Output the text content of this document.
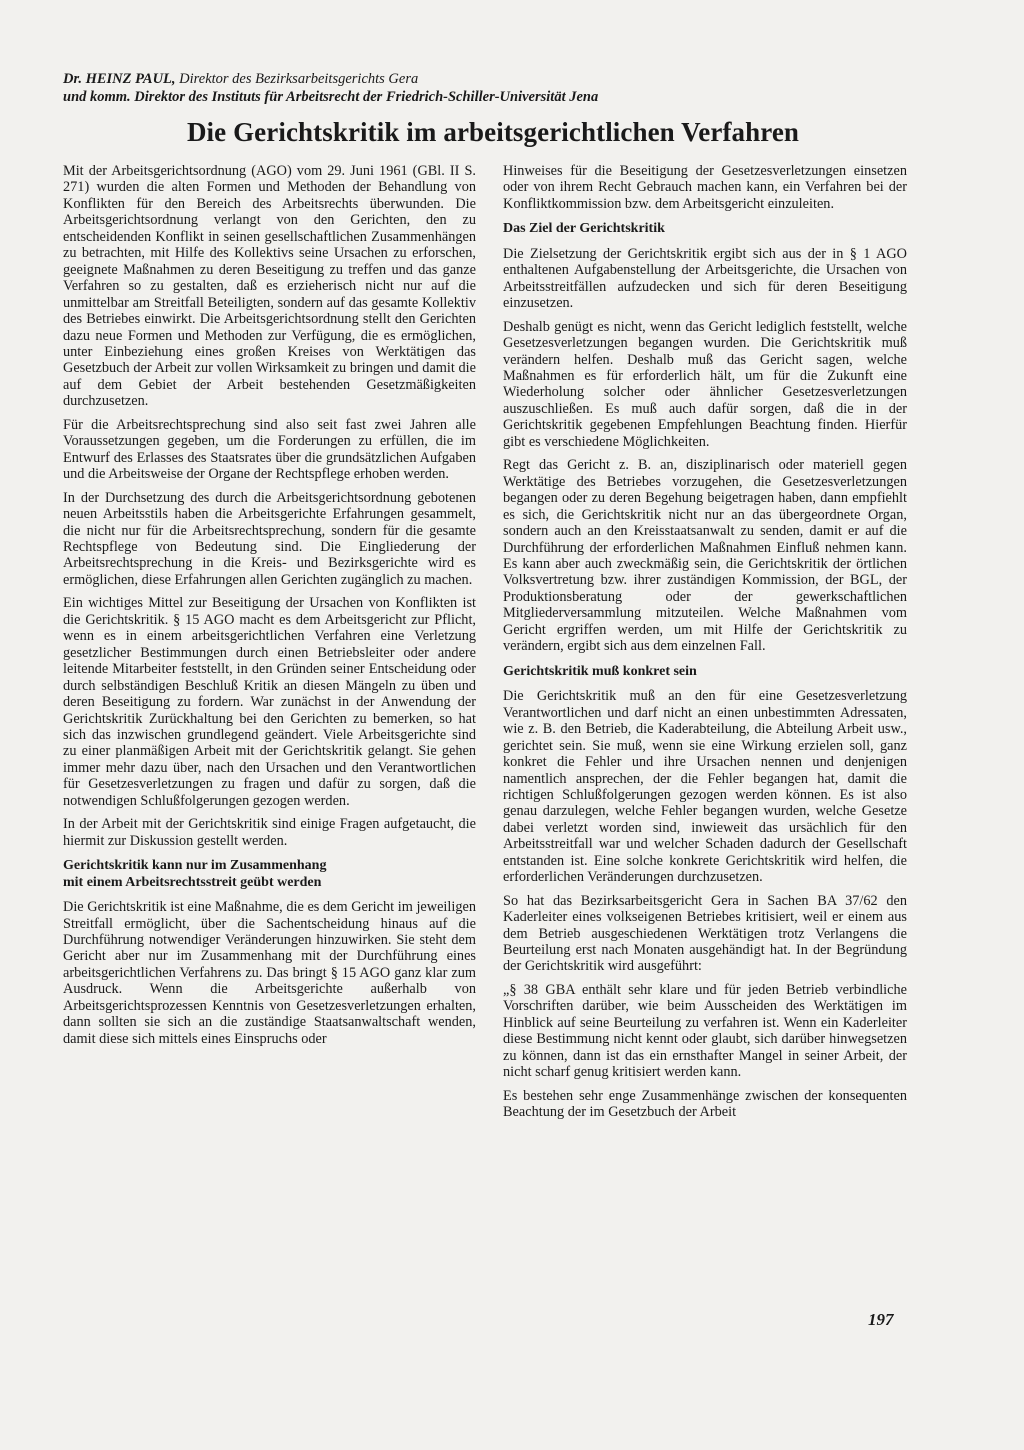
Dr. HEINZ PAUL, Direktor des Bezirksarbeitsgerichts Gera
und komm. Direktor des Instituts für Arbeitsrecht der Friedrich-Schiller-Universität Jena
Die Gerichtskritik im arbeitsgerichtlichen Verfahren

Mit der Arbeitsgerichtsordnung (AGO) vom 29. Juni 1961 (GBl. II S. 271) wurden die alten Formen und Methoden der Behandlung von Konflikten für den Bereich des Arbeitsrechts überwunden. Die Arbeitsgerichtsordnung verlangt von den Gerichten, den zu entscheidenden Konflikt in seinen gesellschaftlichen Zusammenhängen zu betrachten, mit Hilfe des Kollektivs seine Ursachen zu erforschen, geeignete Maßnahmen zu deren Beseitigung zu treffen und das ganze Verfahren so zu gestalten, daß es erzieherisch nicht nur auf die unmittelbar am Streitfall Beteiligten, sondern auf das gesamte Kollektiv des Betriebes einwirkt. Die Arbeitsgerichtsordnung stellt den Gerichten dazu neue Formen und Methoden zur Verfügung, die es ermöglichen, unter Einbeziehung eines großen Kreises von Werktätigen das Gesetzbuch der Arbeit zur vollen Wirksamkeit zu bringen und damit die auf dem Gebiet der Arbeit bestehenden Gesetzmäßigkeiten durchzusetzen.

Für die Arbeitsrechtsprechung sind also seit fast zwei Jahren alle Voraussetzungen gegeben, um die Forderungen zu erfüllen, die im Entwurf des Erlasses des Staatsrates über die grundsätzlichen Aufgaben und die Arbeitsweise der Organe der Rechtspflege erhoben werden.

In der Durchsetzung des durch die Arbeitsgerichtsordnung gebotenen neuen Arbeitsstils haben die Arbeitsgerichte Erfahrungen gesammelt, die nicht nur für die Arbeitsrechtsprechung, sondern für die gesamte Rechtspflege von Bedeutung sind. Die Eingliederung der Arbeitsrechtsprechung in die Kreis- und Bezirksgerichte wird es ermöglichen, diese Erfahrungen allen Gerichten zugänglich zu machen.

Ein wichtiges Mittel zur Beseitigung der Ursachen von Konflikten ist die Gerichtskritik. § 15 AGO macht es dem Arbeitsgericht zur Pflicht, wenn es in einem arbeitsgerichtlichen Verfahren eine Verletzung gesetzlicher Bestimmungen durch einen Betriebsleiter oder andere leitende Mitarbeiter feststellt, in den Gründen seiner Entscheidung oder durch selbständigen Beschluß Kritik an diesen Mängeln zu üben und deren Beseitigung zu fordern. War zunächst in der Anwendung der Gerichtskritik Zurückhaltung bei den Gerichten zu bemerken, so hat sich das inzwischen grundlegend geändert. Viele Arbeitsgerichte sind zu einer planmäßigen Arbeit mit der Gerichtskritik gelangt. Sie gehen immer mehr dazu über, nach den Ursachen und den Verantwortlichen für Gesetzesverletzungen zu fragen und dafür zu sorgen, daß die notwendigen Schlußfolgerungen gezogen werden.

In der Arbeit mit der Gerichtskritik sind einige Fragen aufgetaucht, die hiermit zur Diskussion gestellt werden.

Gerichtskritik kann nur im Zusammenhang
mit einem Arbeitsrechtsstreit geübt werden

Die Gerichtskritik ist eine Maßnahme, die es dem Gericht im jeweiligen Streitfall ermöglicht, über die Sachentscheidung hinaus auf die Durchführung notwendiger Veränderungen hinzuwirken. Sie steht dem Gericht aber nur im Zusammenhang mit der Durchführung eines arbeitsgerichtlichen Verfahrens zu. Das bringt § 15 AGO ganz klar zum Ausdruck. Wenn die Arbeitsgerichte außerhalb von Arbeitsgerichtsprozessen Kenntnis von Gesetzesverletzungen erhalten, dann sollten sie sich an die zuständige Staatsanwaltschaft wenden, damit diese sich mittels eines Einspruchs oder

Hinweises für die Beseitigung der Gesetzesverletzungen einsetzen oder von ihrem Recht Gebrauch machen kann, ein Verfahren bei der Konfliktkommission bzw. dem Arbeitsgericht einzuleiten.

Das Ziel der Gerichtskritik

Die Zielsetzung der Gerichtskritik ergibt sich aus der in § 1 AGO enthaltenen Aufgabenstellung der Arbeitsgerichte, die Ursachen von Arbeitsstreitfällen aufzudecken und sich für deren Beseitigung einzusetzen.

Deshalb genügt es nicht, wenn das Gericht lediglich feststellt, welche Gesetzesverletzungen begangen wurden. Die Gerichtskritik muß verändern helfen. Deshalb muß das Gericht sagen, welche Maßnahmen es für erforderlich hält, um für die Zukunft eine Wiederholung solcher oder ähnlicher Gesetzesverletzungen auszuschließen. Es muß auch dafür sorgen, daß die in der Gerichtskritik gegebenen Empfehlungen Beachtung finden. Hierfür gibt es verschiedene Möglichkeiten.

Regt das Gericht z. B. an, disziplinarisch oder materiell gegen Werktätige des Betriebes vorzugehen, die Gesetzesverletzungen begangen oder zu deren Begehung beigetragen haben, dann empfiehlt es sich, die Gerichtskritik nicht nur an das übergeordnete Organ, sondern auch an den Kreisstaatsanwalt zu senden, damit er auf die Durchführung der erforderlichen Maßnahmen Einfluß nehmen kann. Es kann aber auch zweckmäßig sein, die Gerichtskritik der örtlichen Volksvertretung bzw. ihrer zuständigen Kommission, der BGL, der Produktionsberatung oder der gewerkschaftlichen Mitgliederversammlung mitzuteilen. Welche Maßnahmen vom Gericht ergriffen werden, um mit Hilfe der Gerichtskritik zu verändern, ergibt sich aus dem einzelnen Fall.

Gerichtskritik muß konkret sein

Die Gerichtskritik muß an den für eine Gesetzesverletzung Verantwortlichen und darf nicht an einen unbestimmten Adressaten, wie z. B. den Betrieb, die Kaderabteilung, die Abteilung Arbeit usw., gerichtet sein. Sie muß, wenn sie eine Wirkung erzielen soll, ganz konkret die Fehler und ihre Ursachen nennen und denjenigen namentlich ansprechen, der die Fehler begangen hat, damit die richtigen Schlußfolgerungen gezogen werden können. Es ist also genau darzulegen, welche Fehler begangen wurden, welche Gesetze dabei verletzt worden sind, inwieweit das ursächlich für den Arbeitsstreitfall war und welcher Schaden dadurch der Gesellschaft entstanden ist. Eine solche konkrete Gerichtskritik wird helfen, die erforderlichen Veränderungen durchzusetzen.

So hat das Bezirksarbeitsgericht Gera in Sachen BA 37/62 den Kaderleiter eines volkseigenen Betriebes kritisiert, weil er einem aus dem Betrieb ausgeschiedenen Werktätigen trotz Verlangens die Beurteilung erst nach Monaten ausgehändigt hat. In der Begründung der Gerichtskritik wird ausgeführt:

„§ 38 GBA enthält sehr klare und für jeden Betrieb verbindliche Vorschriften darüber, wie beim Ausscheiden des Werktätigen im Hinblick auf seine Beurteilung zu verfahren ist. Wenn ein Kaderleiter diese Bestimmung nicht kennt oder glaubt, sich darüber hinwegsetzen zu können, dann ist das ein ernsthafter Mangel in seiner Arbeit, der nicht scharf genug kritisiert werden kann.

Es bestehen sehr enge Zusammenhänge zwischen der konsequenten Beachtung der im Gesetzbuch der Arbeit

197
